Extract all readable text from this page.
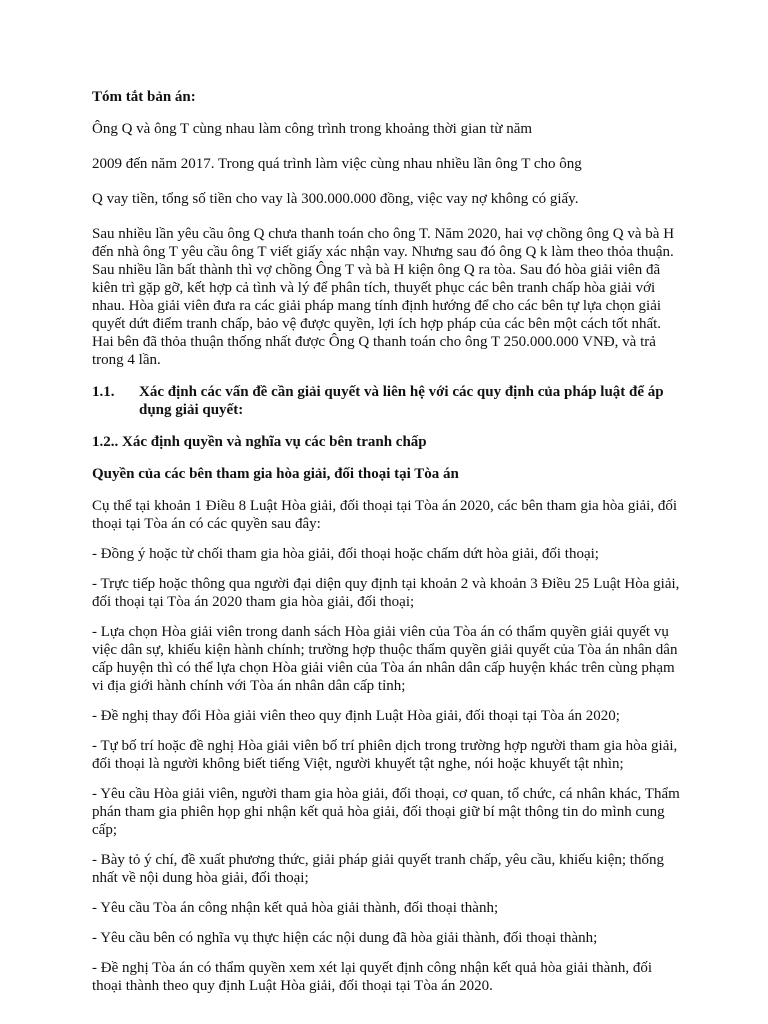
Tóm tắt bản án:

Ông Q và ông T cùng nhau làm công trình trong khoảng thời gian từ năm

2009 đến năm 2017. Trong quá trình làm việc cùng nhau nhiều lần ông T cho ông

Q vay tiền, tổng số tiền cho vay là 300.000.000 đồng, việc vay nợ không có giấy.

Sau nhiều lần yêu cầu ông Q chưa thanh toán cho ông T. Năm 2020, hai vợ chồng ông Q và bà H đến nhà ông T yêu cầu ông T viết giấy xác nhận vay. Nhưng sau đó ông Q k làm theo thỏa thuận. Sau nhiều lần bất thành thì vợ chồng Ông T và bà H kiện ông Q ra tòa. Sau đó hòa giải viên đã kiên trì gặp gỡ, kết hợp cả tình và lý để phân tích, thuyết phục các bên tranh chấp hòa giải với nhau. Hòa giải viên đưa ra các giải pháp mang tính định hướng để cho các bên tự lựa chọn giải quyết dứt điểm tranh chấp, bảo vệ được quyền, lợi ích hợp pháp của các bên một cách tốt nhất. Hai bên đã thỏa thuận thống nhất được Ông Q thanh toán cho ông T 250.000.000 VNĐ, và trả trong 4 lần.

1.1.	Xác định các vấn đề cần giải quyết và liên hệ với các quy định của pháp luật để áp dụng giải quyết:

1.2.. Xác định quyền và nghĩa vụ các bên tranh chấp

Quyền của các bên tham gia hòa giải, đối thoại tại Tòa án

Cụ thể tại khoản 1 Điều 8 Luật Hòa giải, đối thoại tại Tòa án 2020, các bên tham gia hòa giải, đối thoại tại Tòa án có các quyền sau đây:

- Đồng ý hoặc từ chối tham gia hòa giải, đối thoại hoặc chấm dứt hòa giải, đối thoại;

- Trực tiếp hoặc thông qua người đại diện quy định tại khoản 2 và khoản 3 Điều 25 Luật Hòa giải, đối thoại tại Tòa án 2020 tham gia hòa giải, đối thoại;

- Lựa chọn Hòa giải viên trong danh sách Hòa giải viên của Tòa án có thẩm quyền giải quyết vụ việc dân sự, khiếu kiện hành chính; trường hợp thuộc thẩm quyền giải quyết của Tòa án nhân dân cấp huyện thì có thể lựa chọn Hòa giải viên của Tòa án nhân dân cấp huyện khác trên cùng phạm vi địa giới hành chính với Tòa án nhân dân cấp tỉnh;

- Đề nghị thay đổi Hòa giải viên theo quy định Luật Hòa giải, đối thoại tại Tòa án 2020;

- Tự bố trí hoặc đề nghị Hòa giải viên bố trí phiên dịch trong trường hợp người tham gia hòa giải, đối thoại là người không biết tiếng Việt, người khuyết tật nghe, nói hoặc khuyết tật nhìn;

- Yêu cầu Hòa giải viên, người tham gia hòa giải, đối thoại, cơ quan, tổ chức, cá nhân khác, Thẩm phán tham gia phiên họp ghi nhận kết quả hòa giải, đối thoại giữ bí mật thông tin do mình cung cấp;

- Bày tỏ ý chí, đề xuất phương thức, giải pháp giải quyết tranh chấp, yêu cầu, khiếu kiện; thống nhất về nội dung hòa giải, đối thoại;

- Yêu cầu Tòa án công nhận kết quả hòa giải thành, đối thoại thành;

- Yêu cầu bên có nghĩa vụ thực hiện các nội dung đã hòa giải thành, đối thoại thành;

- Đề nghị Tòa án có thẩm quyền xem xét lại quyết định công nhận kết quả hòa giải thành, đối thoại thành theo quy định Luật Hòa giải, đối thoại tại Tòa án 2020.
